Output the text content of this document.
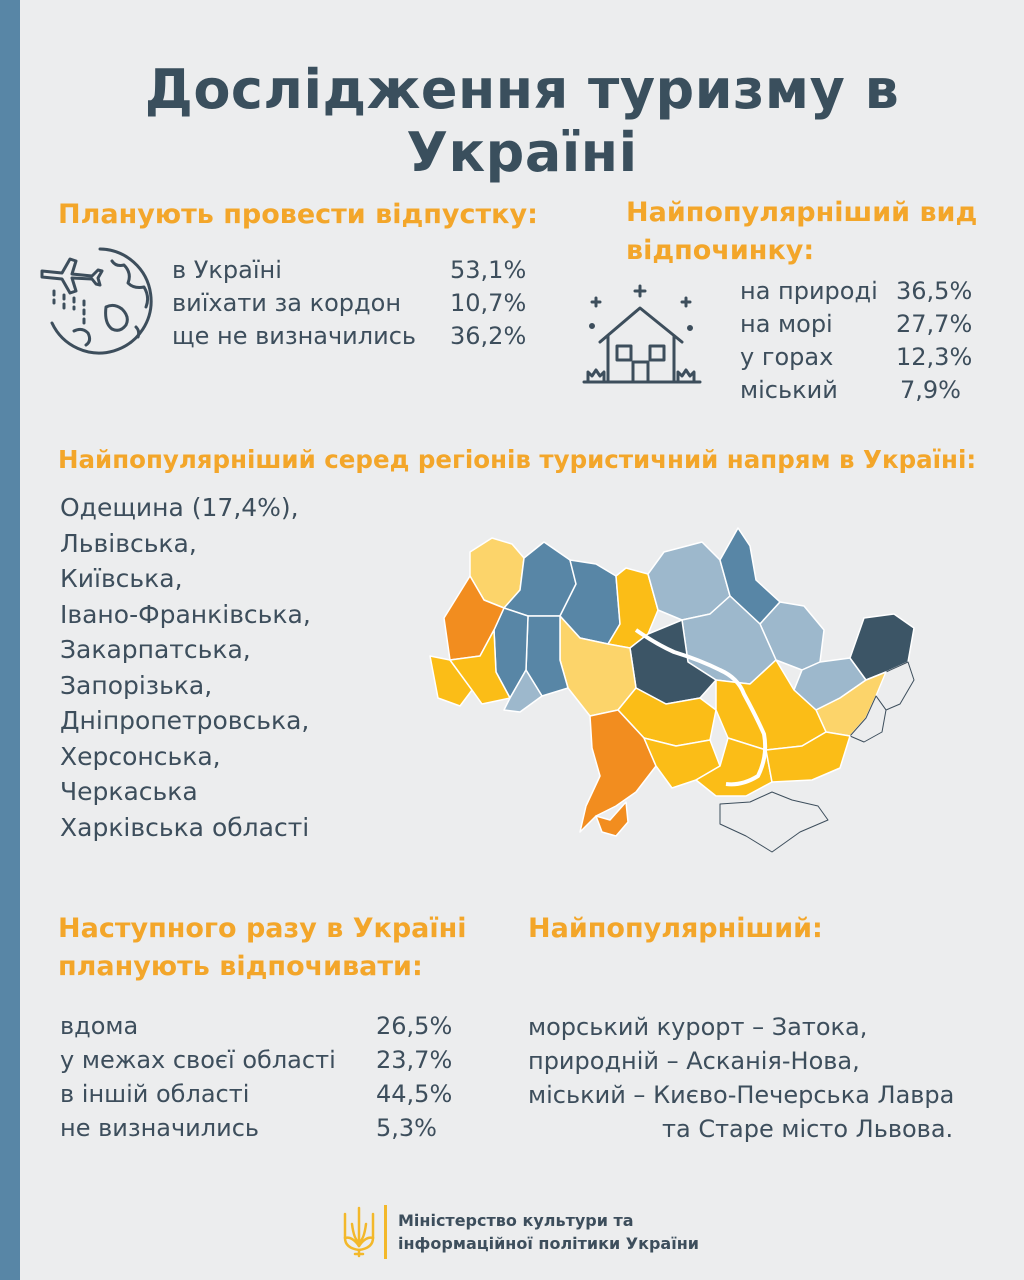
Дослідження туризму в Україні
Планують провести відпустку:
в Україні	53,1%
виїхати за кордон 10,7%
ще не визначились 36,2%
Найпопулярніший вид
відпочинку:
на природі 36,5%
на морі	27,7%
у горах	12,3%
міський	7,9%
Найпопулярніший серед регіонів туристичний напрям в Україні:
Одещина (17,4%),
Львівська,
Київська,
Івано-Франківська,
Закарпатська,
Запорізька,
Дніпропетровська,
Херсонська,
Черкаська
Харківська області
Наступного разу в Україні
планують відпочивати:
вдома	26,5%
у межах своєї області 23,7%
в іншій області	44,5%
не визначились	5,3%
Найпопулярніший:
морський курорт – Затока,
природній – Асканія-Нова,
міський – Києво-Печерська Лавра
та Старе місто Львова.
Міністерство культури та
інформаційної політики України
